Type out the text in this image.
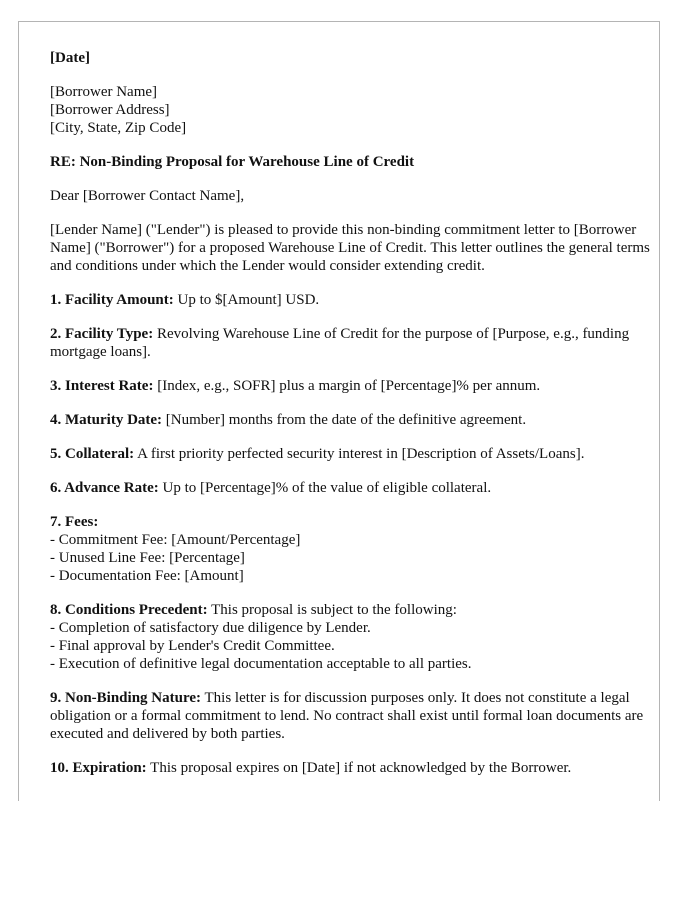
[Date]

[Borrower Name]
[Borrower Address]
[City, State, Zip Code]

RE: Non-Binding Proposal for Warehouse Line of Credit

Dear [Borrower Contact Name],

[Lender Name] ("Lender") is pleased to provide this non-binding commitment letter to [Borrower Name] ("Borrower") for a proposed Warehouse Line of Credit. This letter outlines the general terms and conditions under which the Lender would consider extending credit.

1. Facility Amount: Up to $[Amount] USD.

2. Facility Type: Revolving Warehouse Line of Credit for the purpose of [Purpose, e.g., funding mortgage loans].

3. Interest Rate: [Index, e.g., SOFR] plus a margin of [Percentage]% per annum.

4. Maturity Date: [Number] months from the date of the definitive agreement.

5. Collateral: A first priority perfected security interest in [Description of Assets/Loans].

6. Advance Rate: Up to [Percentage]% of the value of eligible collateral.

7. Fees:
- Commitment Fee: [Amount/Percentage]
- Unused Line Fee: [Percentage]
- Documentation Fee: [Amount]
8. Conditions Precedent: This proposal is subject to the following:
- Completion of satisfactory due diligence by Lender.
- Final approval by Lender's Credit Committee.
- Execution of definitive legal documentation acceptable to all parties.

9. Non-Binding Nature: This letter is for discussion purposes only. It does not constitute a legal obligation or a formal commitment to lend. No contract shall exist until formal loan documents are executed and delivered by both parties.

10. Expiration: This proposal expires on [Date] if not acknowledged by the Borrower.
